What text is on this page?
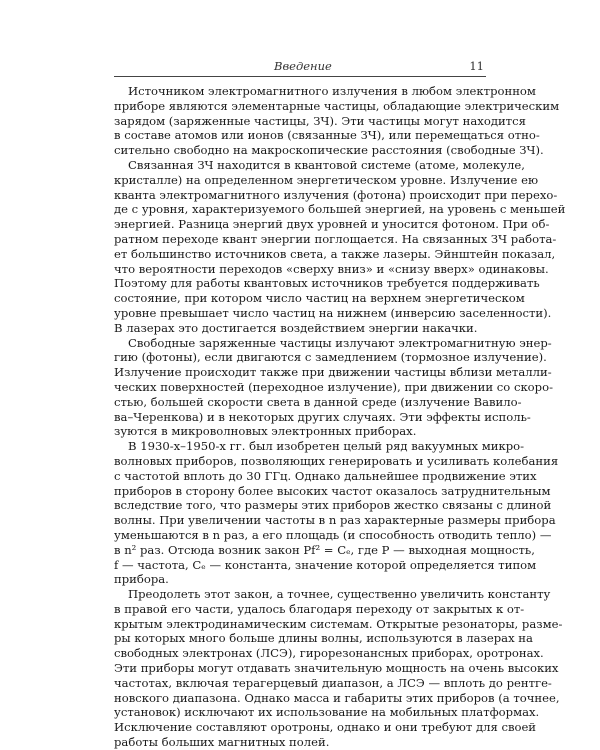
Введение	11
Источником электромагнитного излучения в любом электронном
приборе являются элементарные частицы, обладающие электрическим
зарядом (заряженные частицы, ЗЧ). Эти частицы могут находится
в составе атомов или ионов (связанные ЗЧ), или перемещаться отно-
сительно свободно на макроскопические расстояния (свободные ЗЧ).
Связанная ЗЧ находится в квантовой системе (атоме, молекуле,
кристалле) на определенном энергетическом уровне. Излучение ею
кванта электромагнитного излучения (фотона) происходит при перехо-
де с уровня, характеризуемого большей энергией, на уровень с меньшей
энергией. Разница энергий двух уровней и уносится фотоном. При об-
ратном переходе квант энергии поглощается. На связанных ЗЧ работа-
ет большинство источников света, а также лазеры. Эйнштейн показал,
что вероятности переходов «сверху вниз» и «снизу вверх» одинаковы.
Поэтому для работы квантовых источников требуется поддерживать
состояние, при котором число частиц на верхнем энергетическом
уровне превышает число частиц на нижнем (инверсию заселенности).
В лазерах это достигается воздействием энергии накачки.
Свободные заряженные частицы излучают электромагнитную энер-
гию (фотоны), если двигаются с замедлением (тормозное излучение).
Излучение происходит также при движении частицы вблизи металли-
ческих поверхностей (переходное излучение), при движении со скоро-
стью, большей скорости света в данной среде (излучение Вавило-
ва–Черенкова) и в некоторых других случаях. Эти эффекты исполь-
зуются в микроволновых электронных приборах.
В 1930-х–1950-х гг. был изобретен целый ряд вакуумных микро-
волновых приборов, позволяющих генерировать и усиливать колебания
с частотой вплоть до 30 ГГц. Однако дальнейшее продвижение этих
приборов в сторону более высоких частот оказалось затруднительным
вследствие того, что размеры этих приборов жестко связаны с длиной
волны. При увеличении частоты в n раз характерные размеры прибора
уменьшаются в n раз, а его площадь (и способность отводить тепло) —
в n² раз. Отсюда возник закон Pf² = Cₑ, где P — выходная мощность,
f — частота, Cₑ — константа, значение которой определяется типом
прибора.
Преодолеть этот закон, а точнее, существенно увеличить константу
в правой его части, удалось благодаря переходу от закрытых к от-
крытым электродинамическим системам. Открытые резонаторы, разме-
ры которых много больше длины волны, используются в лазерах на
свободных электронах (ЛСЭ), гирорезонансных приборах, оротронах.
Эти приборы могут отдавать значительную мощность на очень высоких
частотах, включая терагерцевый диапазон, а ЛСЭ — вплоть до рентге-
новского диапазона. Однако масса и габариты этих приборов (а точнее,
установок) исключают их использование на мобильных платформах.
Исключение составляют оротроны, однако и они требуют для своей
работы больших магнитных полей.
